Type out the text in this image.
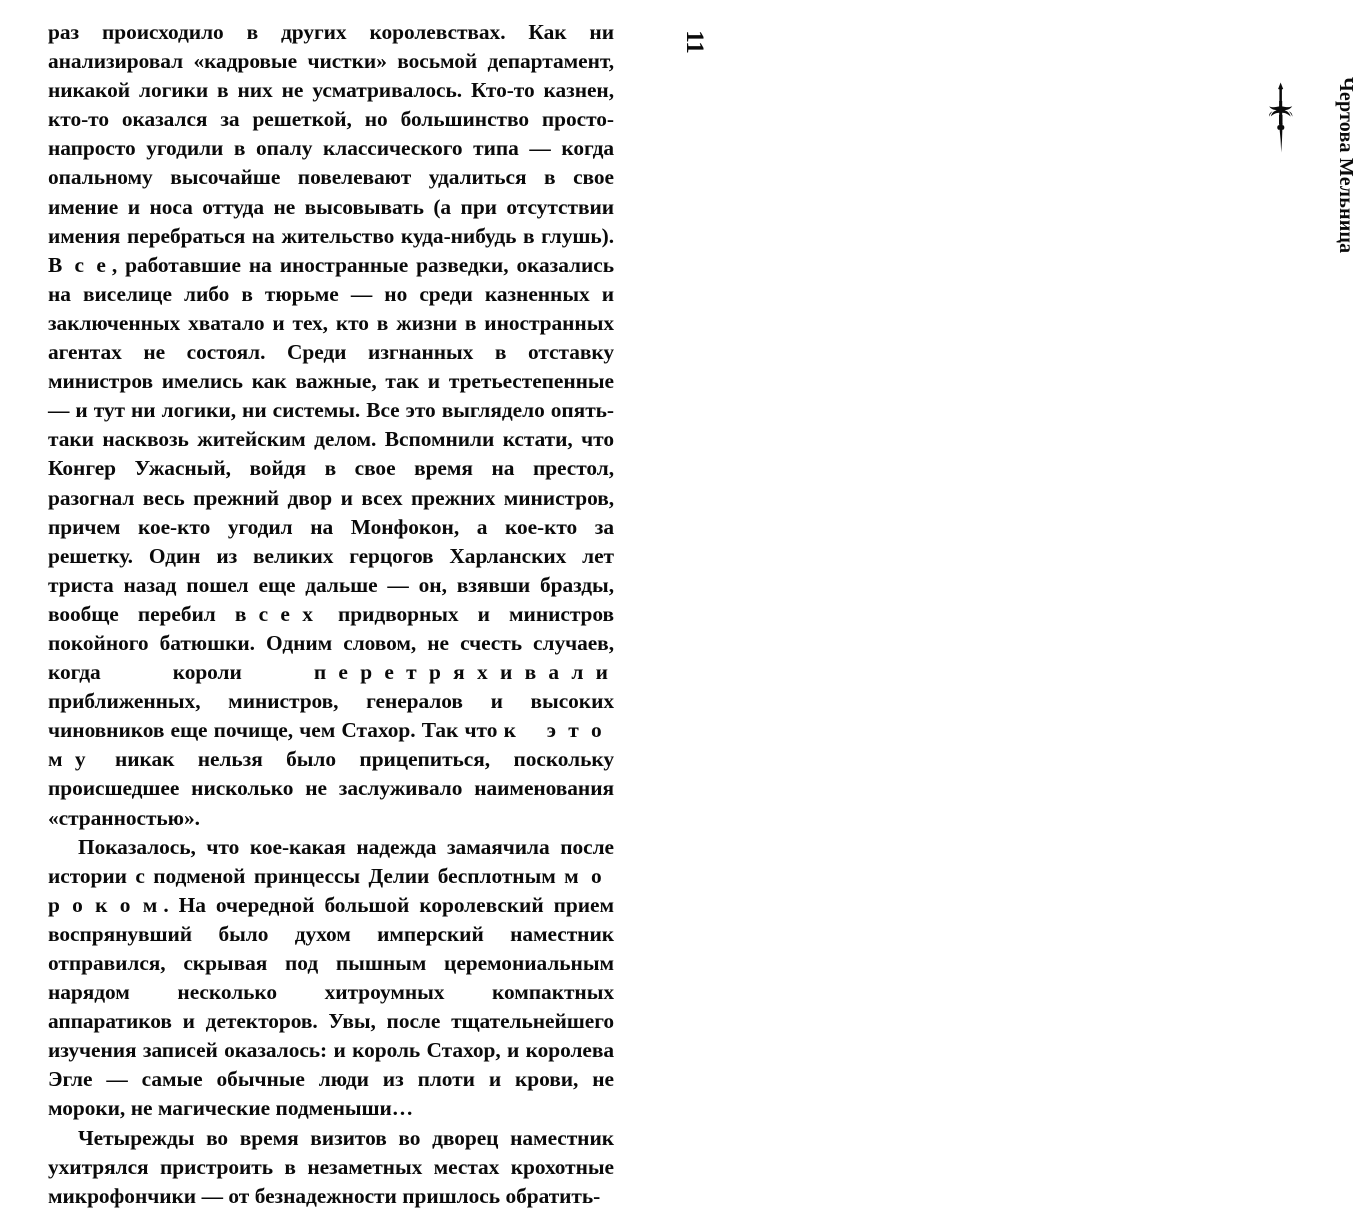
раз происходило в других королевствах. Как ни анализировал «кадровые чистки» восьмой департамент, никакой логики в них не усматривалось. Кто-то казнен, кто-то оказался за решеткой, но большинство просто-напросто угодили в опалу классического типа — когда опальному высочайше повелевают удалиться в свое имение и носа оттуда не высовывать (а при отсутствии имения перебраться на жительство куда-нибудь в глушь). В с е, работавшие на иностранные разведки, оказались на виселице либо в тюрьме — но среди казненных и заключенных хватало и тех, кто в жизни в иностранных агентах не состоял. Среди изгнанных в отставку министров имелись как важные, так и третьестепенные — и тут ни логики, ни системы. Все это выглядело опять-таки насквозь житейским делом. Вспомнили кстати, что Конгер Ужасный, войдя в свое время на престол, разогнал весь прежний двор и всех прежних министров, причем кое-кто угодил на Монфокон, а кое-кто за решетку. Один из великих герцогов Харланских лет триста назад пошел еще дальше — он, взявши бразды, вообще перебил в с е х придворных и министров покойного батюшки. Одним словом, не счесть случаев, когда короли п е р е т р я х и в а л и приближенных, министров, генералов и высоких чиновников еще почище, чем Стахор. Так что к   э т о м у никак нельзя было прицепиться, поскольку происшедшее нисколько не заслуживало наименования «странностью».

Показалось, что кое-какая надежда замаячила после истории с подменой принцессы Делии бесплотным м о р о к о м. На очередной большой королевский прием воспрянувший было духом имперский наместник отправился, скрывая под пышным церемониальным нарядом несколько хитроумных компактных аппаратиков и детекторов. Увы, после тщательнейшего изучения записей оказалось: и король Стахор, и королева Эгле — самые обычные люди из плоти и крови, не мороки, не магические подменыши…

Четырежды во время визитов во дворец наместник ухитрялся пристроить в незаметных местах крохотные микрофончики — от безнадежности пришлось обратить-

11
Чертова Мельница
